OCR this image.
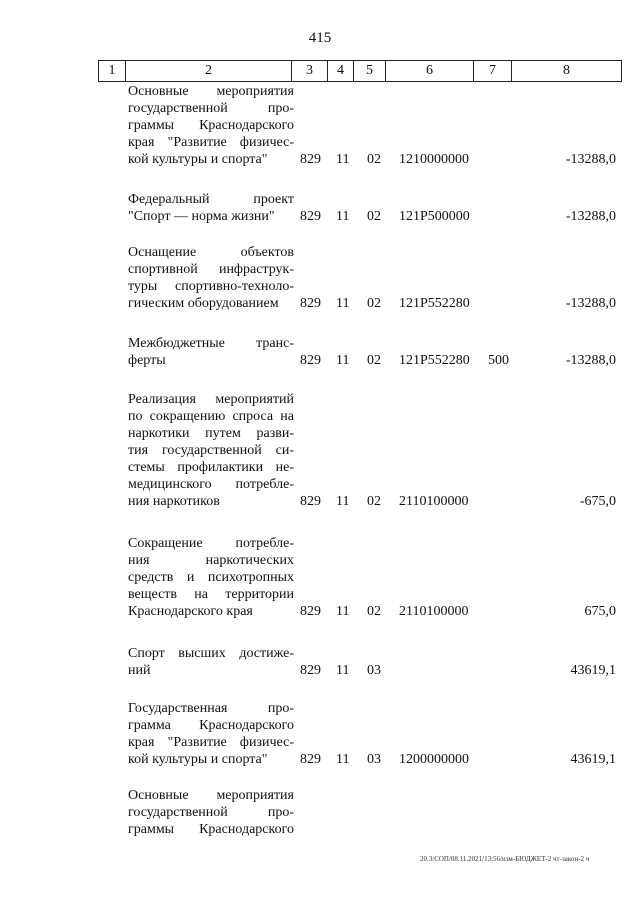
415
1	2	3	4	5	6	7	8
Основные мероприятия
государственной про-
граммы Краснодарского
края "Развитие физичес-
кой культуры и спорта"	829 11 02 1210000000	-13288,0
Федеральный проект
"Спорт — норма жизни"	829 11 02 121P500000	-13288,0
Оснащение объектов
спортивной инфраструк-
туры спортивно-техноло-
гическим оборудованием	829 11 02 121P552280	-13288,0
Межбюджетные транс-
ферты	829 11 02 121P552280 500	-13288,0
Реализация мероприятий
по сокращению спроса на
наркотики путем разви-
тия государственной си-
стемы профилактики не-
медицинского потребле-
ния наркотиков	829 11 02 2110100000	-675,0
Сокращение потребле-
ния наркотических
средств и психотропных
веществ на территории
Краснодарского края	829 11 02 2110100000	675,0
Спорт высших достиже-
ний	829 11 03	43619,1
Государственная про-
грамма Краснодарского
края "Развитие физичес-
кой культуры и спорта"	829 11 03 1200000000	43619,1
Основные мероприятия
государственной про-
граммы Краснодарского
20.3/СОП/08.11.2021/13:56/изм-БЮДЖЕТ-2 чт-закон-2 ч
